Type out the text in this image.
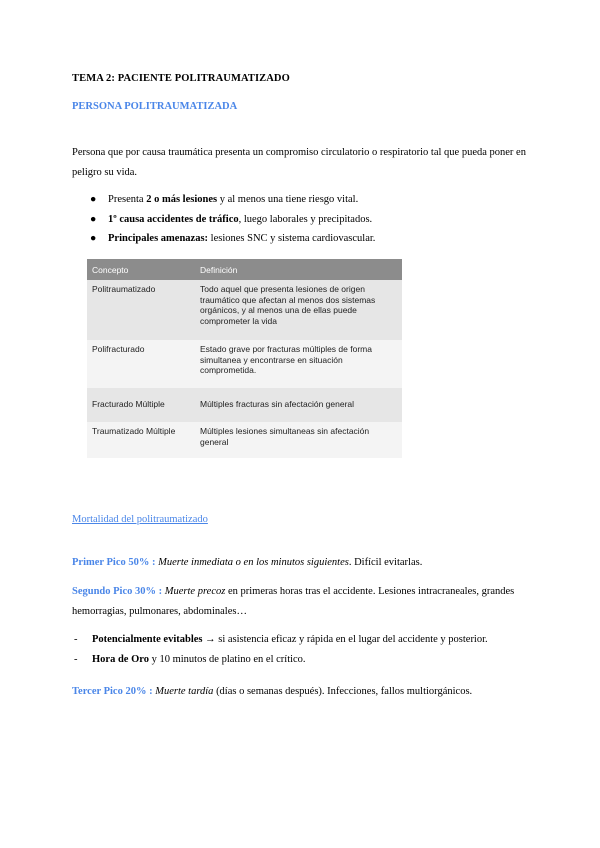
TEMA 2: PACIENTE POLITRAUMATIZADO
PERSONA POLITRAUMATIZADA
Persona que por causa traumática presenta un compromiso circulatorio o respiratorio tal que pueda poner en peligro su vida.
● Presenta 2 o más lesiones y al menos una tiene riesgo vital.
● 1º causa accidentes de tráfico, luego laborales y precipitados.
● Principales amenazas: lesiones SNC y sistema cardiovascular.
Concepto	Definición
Politraumatizado	Todo aquel que presenta lesiones de origen traumático que afectan al menos dos sistemas orgánicos, y al menos una de ellas puede comprometer la vida
Polifracturado	Estado grave por fracturas múltiples de forma simultanea y encontrarse en situación comprometida.
Fracturado Múltiple	Múltiples fracturas sin afectación general
Traumatizado Múltiple	Múltiples lesiones simultaneas sin afectación general
Mortalidad del politraumatizado
Primer Pico 50% : Muerte inmediata o en los minutos siguientes. Difícil evitarlas.
Segundo Pico 30% : Muerte precoz en primeras horas tras el accidente. Lesiones intracraneales, grandes hemorragias, pulmonares, abdominales…
- Potencialmente evitables → si asistencia eficaz y rápida en el lugar del accidente y posterior.
- Hora de Oro y 10 minutos de platino en el crítico.
Tercer Pico 20% : Muerte tardía (días o semanas después). Infecciones, fallos multiorgánicos.
